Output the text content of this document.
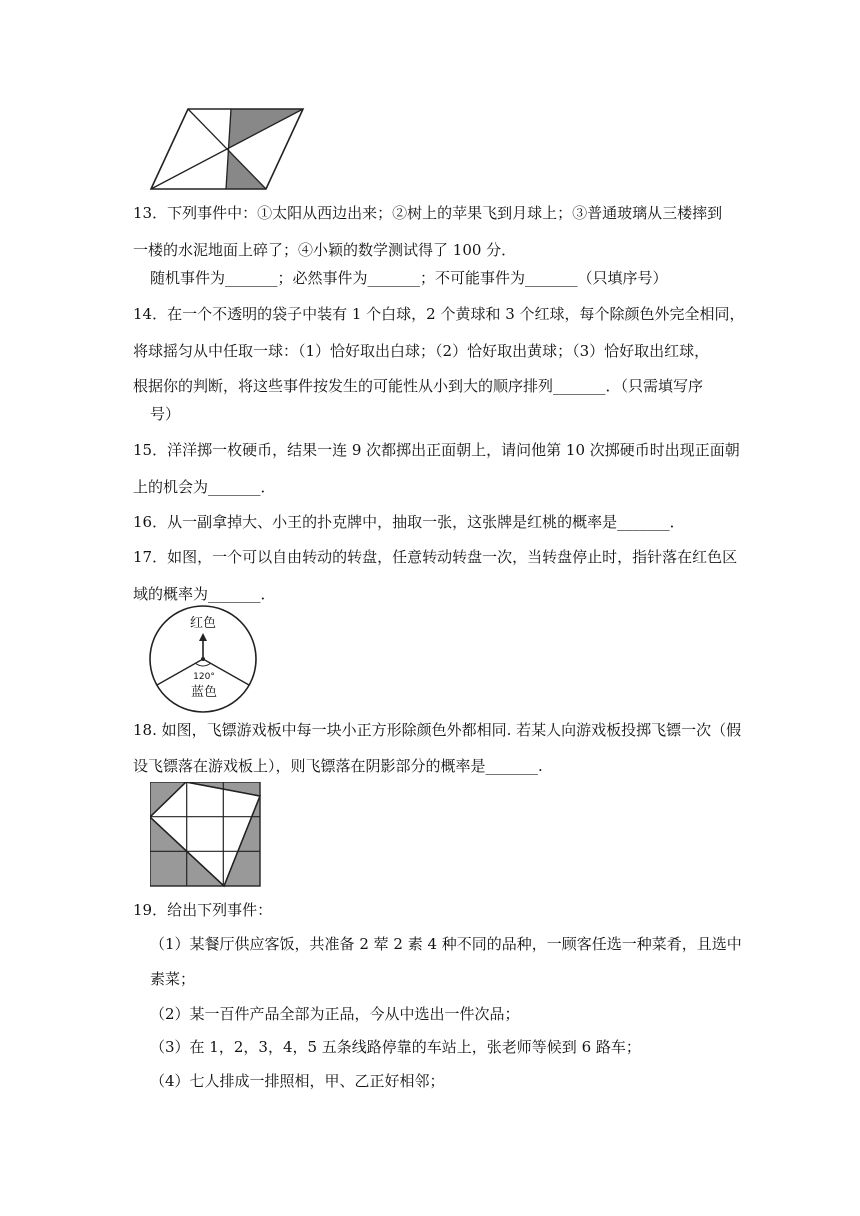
13．下列事件中：①太阳从西边出来；②树上的苹果飞到月球上；③普通玻璃从三楼摔到
一楼的水泥地面上碎了；④小颖的数学测试得了 100 分．
随机事件为_______；必然事件为_______；不可能事件为_______（只填序号）
14．在一个不透明的袋子中装有 1 个白球，2 个黄球和 3 个红球，每个除颜色外完全相同，
将球摇匀从中任取一球：（1）恰好取出白球；（2）恰好取出黄球；（3）恰好取出红球，
根据你的判断，将这些事件按发生的可能性从小到大的顺序排列_______．（只需填写序
号）
15．洋洋掷一枚硬币，结果一连 9 次都掷出正面朝上，请问他第 10 次掷硬币时出现正面朝
上的机会为_______．
16．从一副拿掉大、小王的扑克牌中，抽取一张，这张牌是红桃的概率是_______．
17．如图，一个可以自由转动的转盘，任意转动转盘一次，当转盘停止时，指针落在红色区
域的概率为_______．
红色
120°
蓝色
18. 如图，飞镖游戏板中每一块小正方形除颜色外都相同. 若某人向游戏板投掷飞镖一次（假
设飞镖落在游戏板上），则飞镖落在阴影部分的概率是_______.
19．给出下列事件：
（1）某餐厅供应客饭，共准备 2 荤 2 素 4 种不同的品种，一顾客任选一种菜肴，且选中
素菜；
（2）某一百件产品全部为正品，今从中选出一件次品；
（3）在 1，2，3，4，5 五条线路停靠的车站上，张老师等候到 6 路车；
（4）七人排成一排照相，甲、乙正好相邻；
